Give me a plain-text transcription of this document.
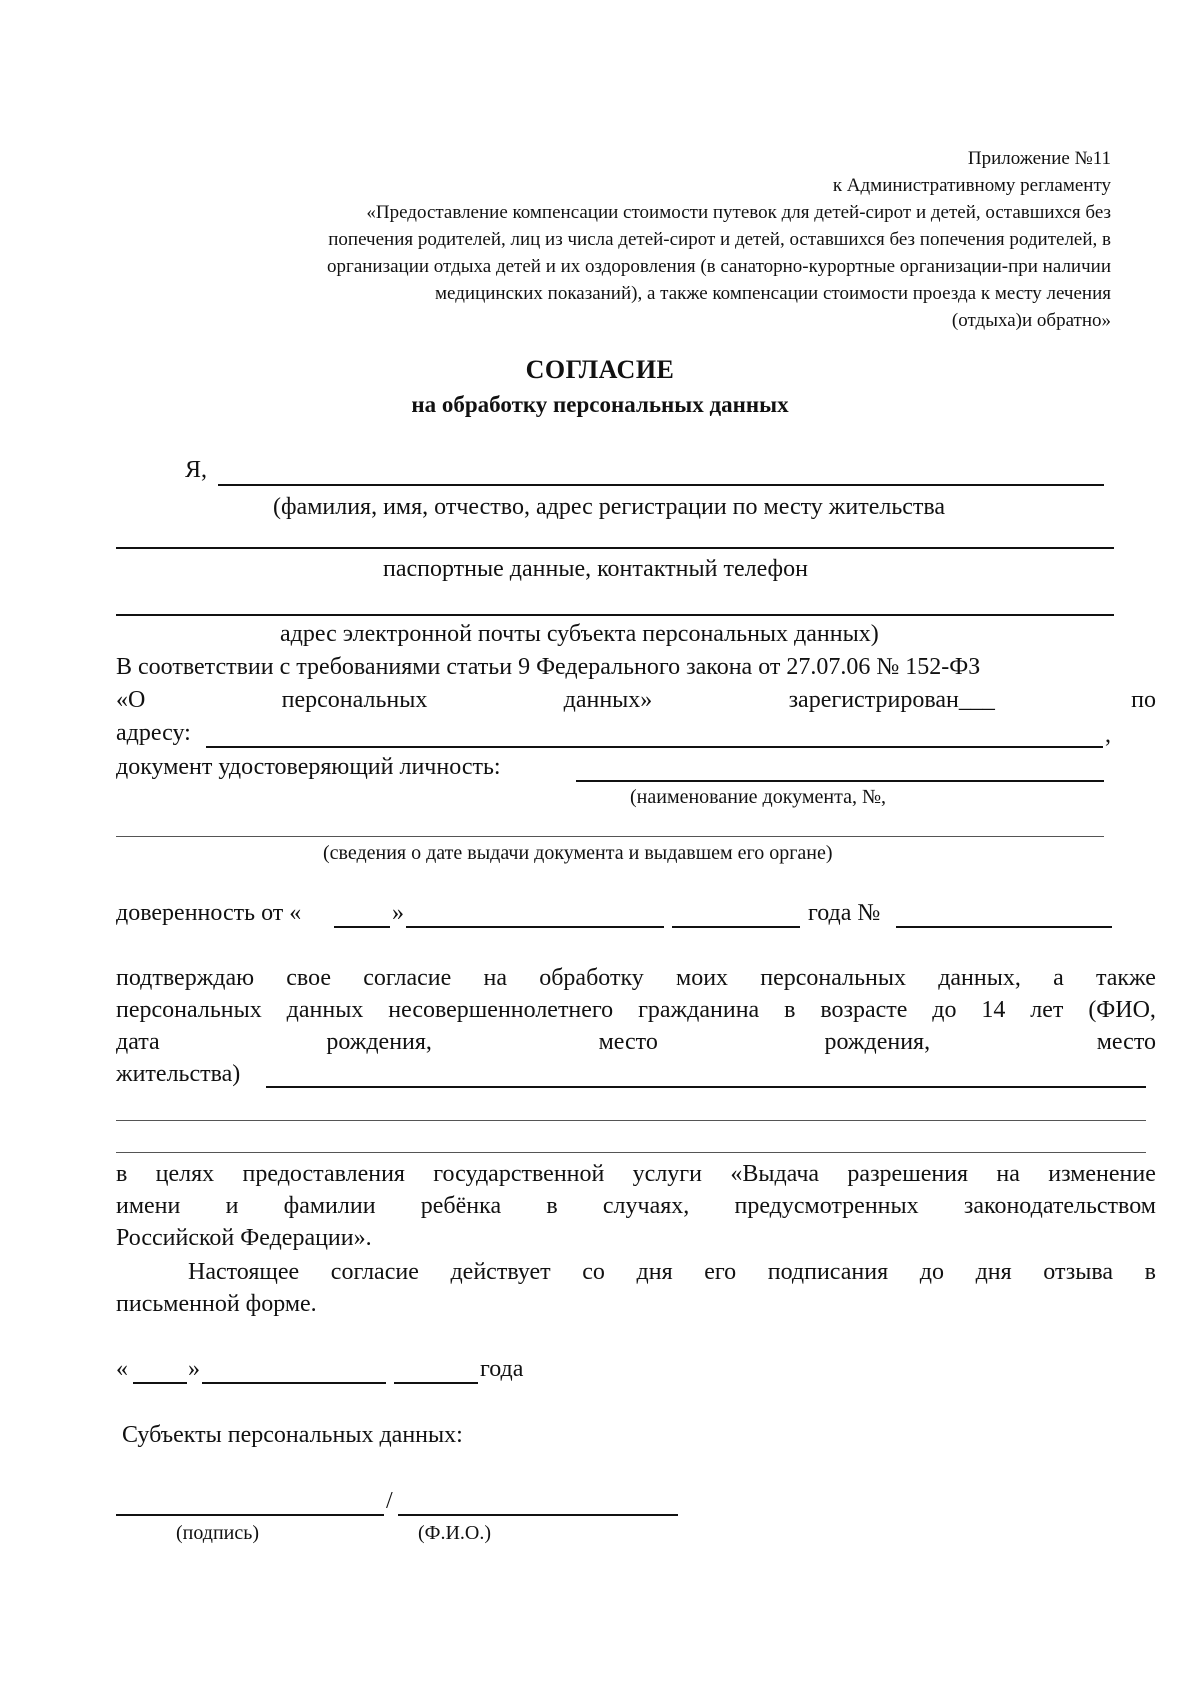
Приложение №11
к Административному регламенту
«Предоставление компенсации стоимости путевок для детей-сирот и детей, оставшихся без
попечения родителей, лиц из числа детей-сирот и детей, оставшихся без попечения родителей, в
организации отдыха детей и их оздоровления (в санаторно-курортные организации-при наличии
медицинских показаний), а также компенсации стоимости проезда к месту лечения
(отдыха)и обратно»
СОГЛАСИЕ
на обработку персональных данных
Я,
(фамилия, имя, отчество, адрес регистрации по месту жительства
паспортные данные, контактный телефон
адрес электронной почты субъекта персональных данных)
В соответствии с требованиями статьи 9 Федерального закона от 27.07.06 № 152-ФЗ
«О	персональных	данных»	зарегистрирован___	по
адресу:	,
документ удостоверяющий личность:
(наименование документа, №,
(сведения о дате выдачи документа и выдавшем его органе)
доверенность от «	»	года №
подтверждаю свое согласие на обработку моих персональных данных, а также
персональных данных несовершеннолетнего гражданина в возрасте до 14 лет (ФИО,
дата	рождения,	место	рождения,	место
жительства)
в целях предоставления государственной услуги «Выдача разрешения на изменение
имени и фамилии ребёнка в случаях, предусмотренных законодательством
Российской Федерации».
Настоящее согласие действует со дня его подписания до дня отзыва в
письменной форме.
«	»	года
Субъекты персональных данных:
/
(подпись)	(Ф.И.О.)
